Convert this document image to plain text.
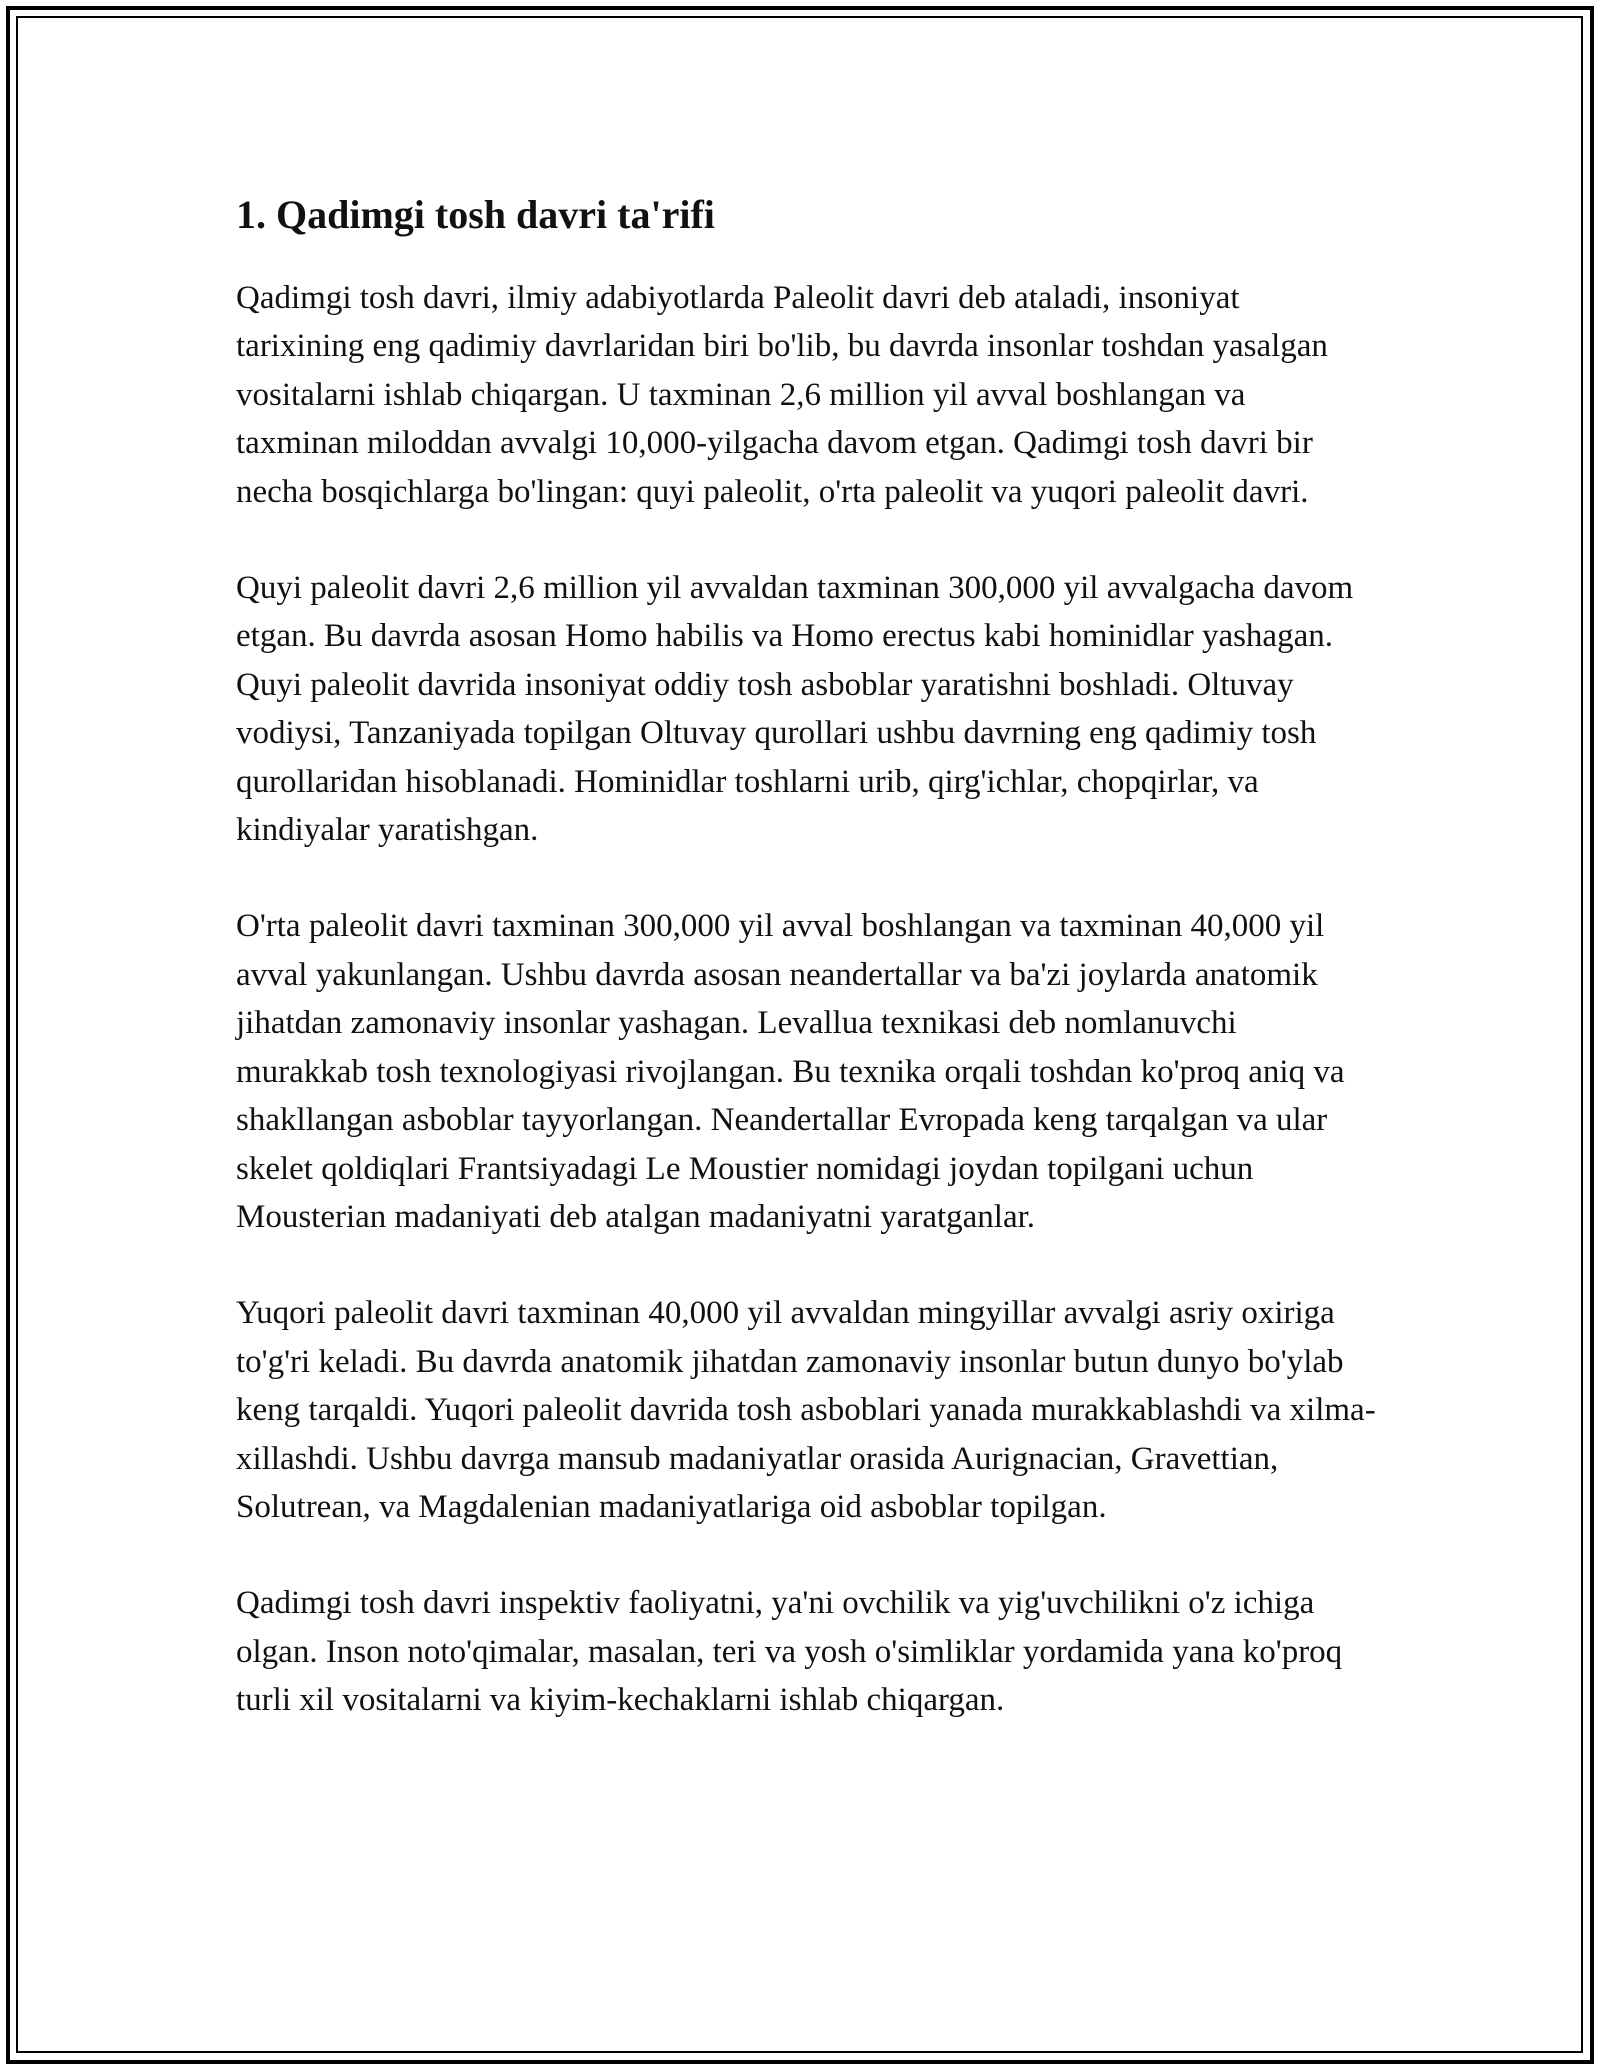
1. Qadimgi tosh davri ta'rifi

Qadimgi tosh davri, ilmiy adabiyotlarda Paleolit davri deb ataladi, insoniyat tarixining eng qadimiy davrlaridan biri bo'lib, bu davrda insonlar toshdan yasalgan vositalarni ishlab chiqargan. U taxminan 2,6 million yil avval boshlangan va taxminan miloddan avvalgi 10,000-yilgacha davom etgan. Qadimgi tosh davri bir necha bosqichlarga bo'lingan: quyi paleolit, o'rta paleolit va yuqori paleolit davri.

Quyi paleolit davri 2,6 million yil avvaldan taxminan 300,000 yil avvalgacha davom etgan. Bu davrda asosan Homo habilis va Homo erectus kabi hominidlar yashagan. Quyi paleolit davrida insoniyat oddiy tosh asboblar yaratishni boshladi. Oltuvay vodiysi, Tanzaniyada topilgan Oltuvay qurollari ushbu davrning eng qadimiy tosh qurollaridan hisoblanadi. Hominidlar toshlarni urib, qirg'ichlar, chopqirlar, va kindiyalar yaratishgan.

O'rta paleolit davri taxminan 300,000 yil avval boshlangan va taxminan 40,000 yil avval yakunlangan. Ushbu davrda asosan neandertallar va ba'zi joylarda anatomik jihatdan zamonaviy insonlar yashagan. Levallua texnikasi deb nomlanuvchi murakkab tosh texnologiyasi rivojlangan. Bu texnika orqali toshdan ko'proq aniq va shakllangan asboblar tayyorlangan. Neandertallar Evropada keng tarqalgan va ular skelet qoldiqlari Frantsiyadagi Le Moustier nomidagi joydan topilgani uchun Mousterian madaniyati deb atalgan madaniyatni yaratganlar.

Yuqori paleolit davri taxminan 40,000 yil avvaldan mingyillar avvalgi asriy oxiriga to'g'ri keladi. Bu davrda anatomik jihatdan zamonaviy insonlar butun dunyo bo'ylab keng tarqaldi. Yuqori paleolit davrida tosh asboblari yanada murakkablashdi va xilma-xillashdi. Ushbu davrga mansub madaniyatlar orasida Aurignacian, Gravettian, Solutrean, va Magdalenian madaniyatlariga oid asboblar topilgan.

Qadimgi tosh davri inspektiv faoliyatni, ya'ni ovchilik va yig'uvchilikni o'z ichiga olgan. Inson noto'qimalar, masalan, teri va yosh o'simliklar yordamida yana ko'proq turli xil vositalarni va kiyim-kechaklarni ishlab chiqargan.
